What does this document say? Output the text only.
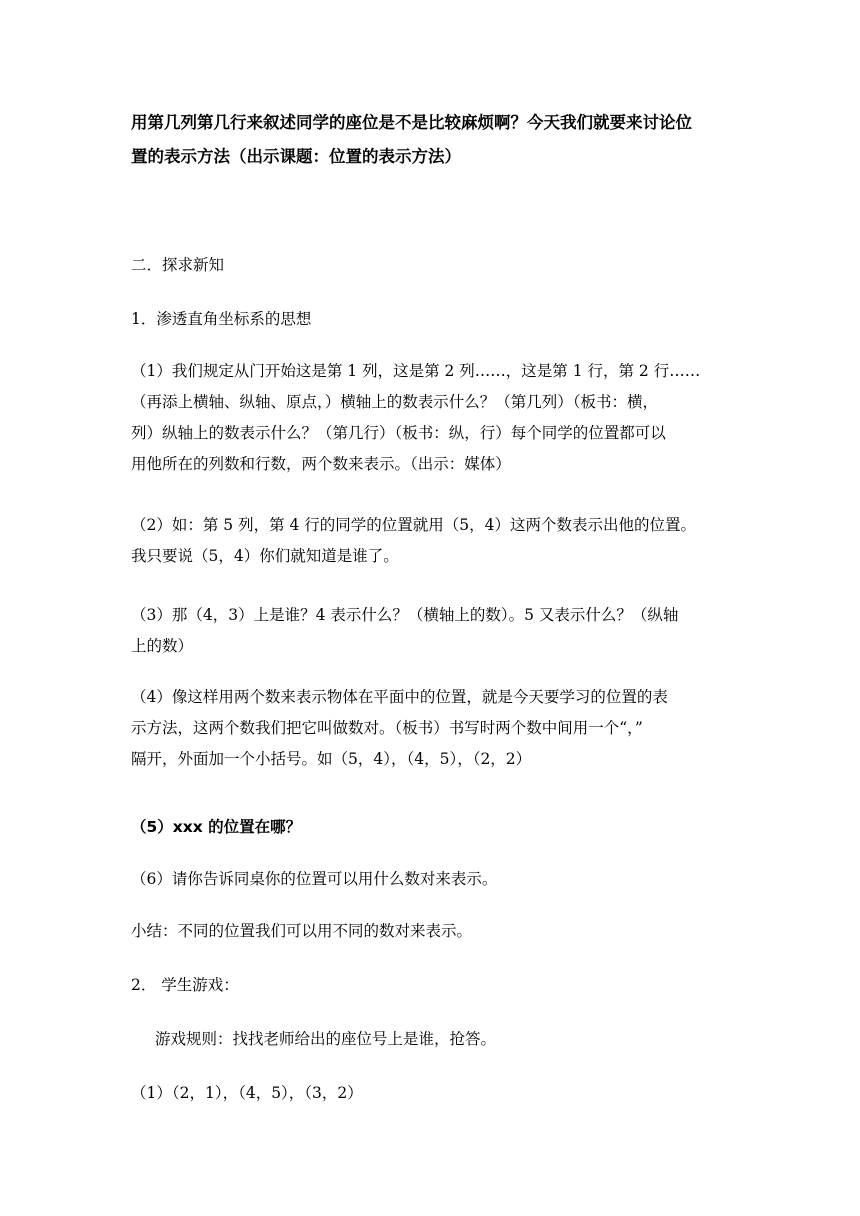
用第几列第几行来叙述同学的座位是不是比较麻烦啊？今天我们就要来讨论位
置的表示方法（出示课题：位置的表示方法）

二．探求新知

1．渗透直角坐标系的思想

（1）我们规定从门开始这是第 1 列，这是第 2 列……，这是第 1 行，第 2 行……
（再添上横轴、纵轴、原点，）横轴上的数表示什么？（第几列）（板书：横，
列）纵轴上的数表示什么？（第几行）（板书：纵，行）每个同学的位置都可以
用他所在的列数和行数，两个数来表示。（出示：媒体）
（2）如：第 5 列，第 4 行的同学的位置就用（5，4）这两个数表示出他的位置。
我只要说（5，4）你们就知道是谁了。
（3）那（4，3）上是谁？4 表示什么？（横轴上的数）。5 又表示什么？（纵轴
上的数）
（4）像这样用两个数来表示物体在平面中的位置，就是今天要学习的位置的表
示方法，这两个数我们把它叫做数对。（板书）书写时两个数中间用一个“，”
隔开，外面加一个小括号。如（5，4），（4，5），（2，2）

（5）xxx 的位置在哪？

（6）请你告诉同桌你的位置可以用什么数对来表示。

小结：不同的位置我们可以用不同的数对来表示。

2． 学生游戏：

游戏规则：找找老师给出的座位号上是谁，抢答。

（1）（2，1），（4，5），（3，2）
